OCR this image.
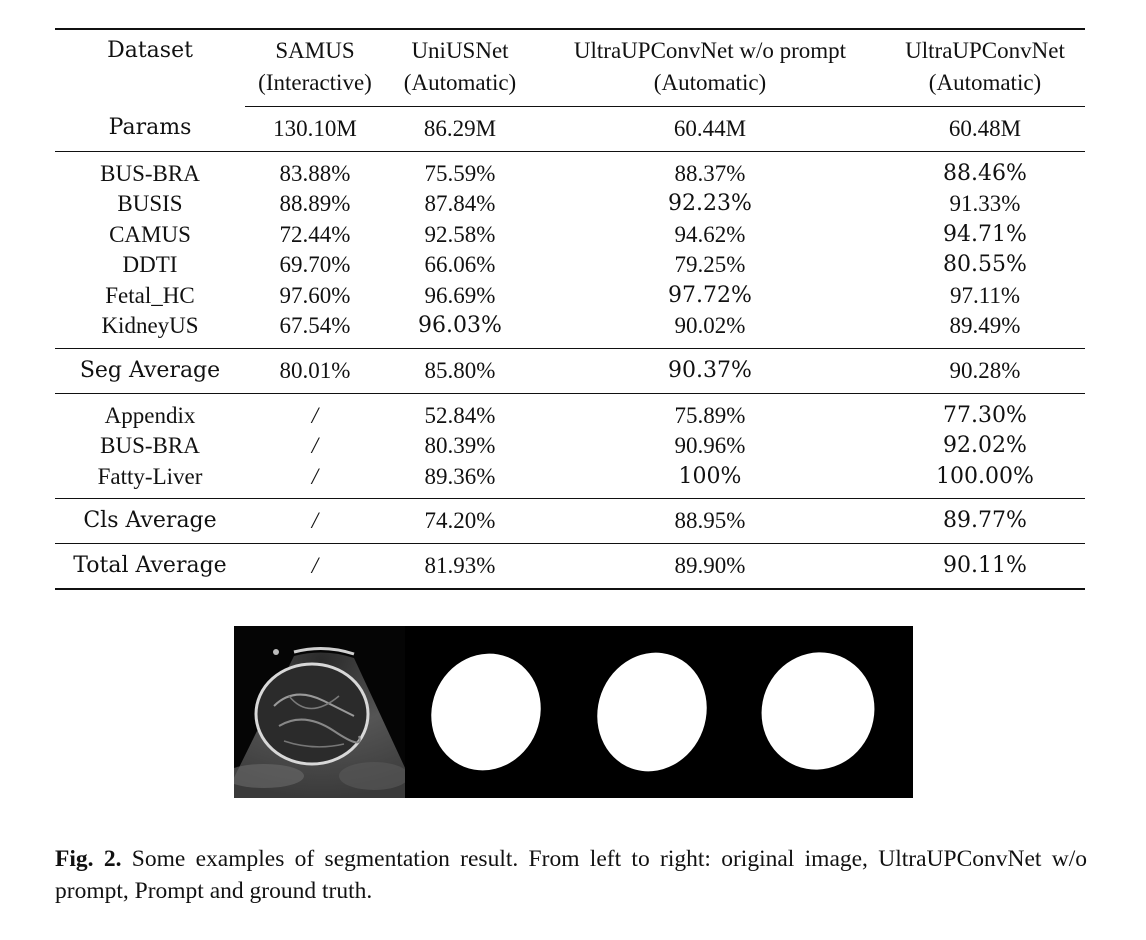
Dataset	SAMUS	UniUSNet	UltraUPConvNet w/o prompt	UltraUPConvNet
	(Interactive)	(Automatic)	(Automatic)	(Automatic)
Params	130.10M	86.29M	60.44M	60.48M
BUS-BRA	83.88%	75.59%	88.37%	88.46%
BUSIS	88.89%	87.84%	92.23%	91.33%
CAMUS	72.44%	92.58%	94.62%	94.71%
DDTI	69.70%	66.06%	79.25%	80.55%
Fetal_HC	97.60%	96.69%	97.72%	97.11%
KidneyUS	67.54%	96.03%	90.02%	89.49%
Seg Average	80.01%	85.80%	90.37%	90.28%
Appendix	/	52.84%	75.89%	77.30%
BUS-BRA	/	80.39%	90.96%	92.02%
Fatty-Liver	/	89.36%	100%	100.00%
Cls Average	/	74.20%	88.95%	89.77%
Total Average	/	81.93%	89.90%	90.11%
Fig. 2. Some examples of segmentation result. From left to right: original image, UltraUPConvNet w/o prompt, Prompt and ground truth.
